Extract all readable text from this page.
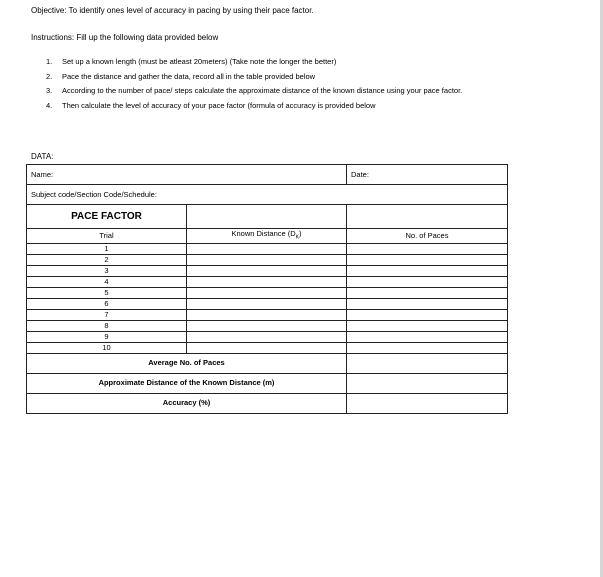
Objective: To identify ones level of accuracy in pacing by using their pace factor.
Instructions: Fill up the following data provided below
1. Set up a known length (must be atleast 20meters) (Take note the longer the better)
2. Pace the distance and gather the data, record all in the table provided below
3. According to the number of pace/ steps calculate the approximate distance of the known distance using your pace factor.
4. Then calculate the level of accuracy of your pace factor (formula of accuracy is provided below
DATA:
Name:		Date:
Subject code/Section Code/Schedule:		
PACE FACTOR		
Trial	Known Distance $(D_K)$	No. of Paces
1		
2		
3		
4		
5		
6		
7		
8		
9		
10		
Average No. of Paces		
Approximate Distance of the Known Distance (m)		
Accuracy (%)		
